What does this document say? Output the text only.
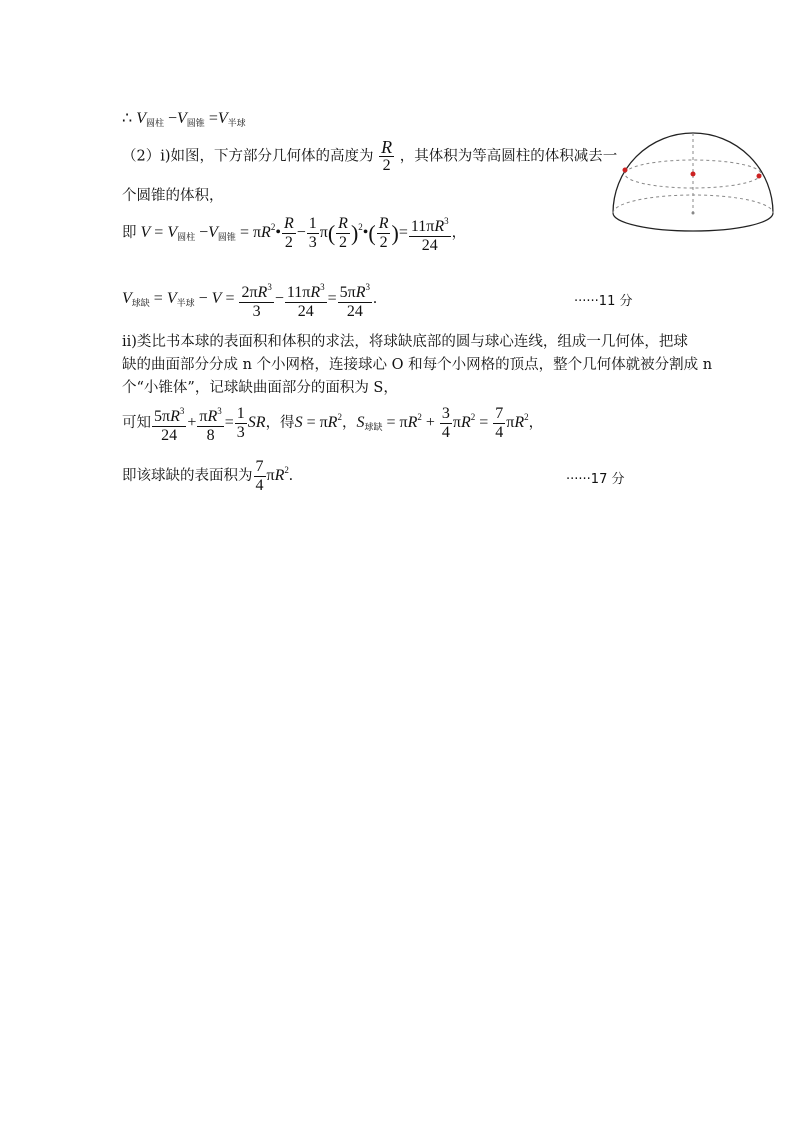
∴ $V_{圆柱} -V_{圆锥} =V_{半球}$
（2）i)如图，下方部分几何体的高度为 $\frac{R}{2}$ ，其体积为等高圆柱的体积减去一
个圆锥的体积，
即 $V = V_{圆柱} -V_{圆锥}$ = $\pi R^2• \frac{R}{2} - \frac{1}{3} \pi( \frac{R}{2}$ )$^2•( \frac{R}{2}$ )= $\frac{11\pi R^3}{24}$ ，
$V_{球缺} = V_{半球} - V = \frac{2\pi R^3}{3} - \frac{11\pi R^3}{24} = \frac{5\pi R^3}{24}$ .	······11 分
ii)类比书本球的表面积和体积的求法，将球缺底部的圆与球心连线，组成一几何体，把球
缺的曲面部分分成 n 个小网格，连接球心 O 和每个小网格的顶点，整个几何体就被分割成 n
个“小锥体”，记球缺曲面部分的面积为 S，
可知 $\frac{5\pi R^3}{24} + \frac{\pi R^3}{8} = \frac{1}{3}$ SR，得$S = \pi R^2$，$S_{球缺} = \pi R^2 + \frac{3}{4} \pi R^2 = \frac{7}{4} \pi R^2$，
即该球缺的表面积为 $\frac{7}{4} \pi R^2$.	······17 分
